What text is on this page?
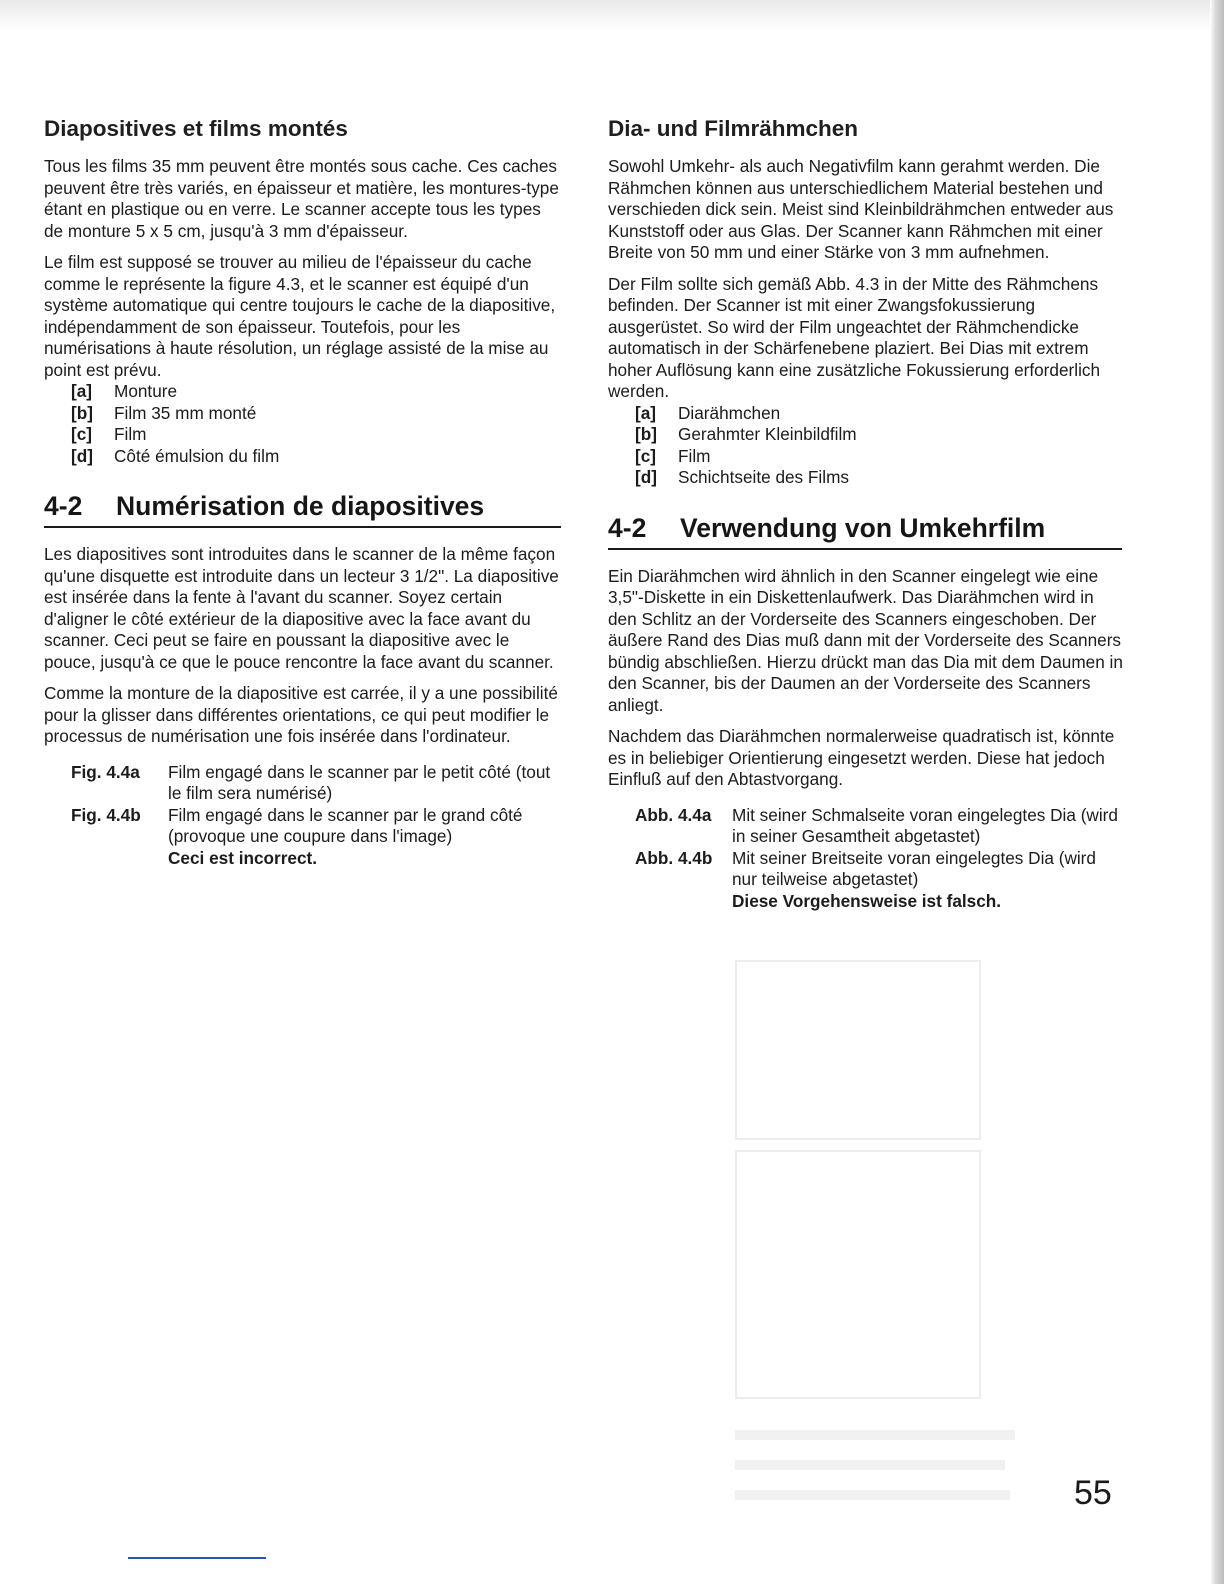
Diapositives et films montés

Tous les films 35 mm peuvent être montés sous cache. Ces caches peuvent être très variés, en épaisseur et matière, les montures-type étant en plastique ou en verre. Le scanner accepte tous les types de monture 5 x 5 cm, jusqu'à 3 mm d'épaisseur.

Le film est supposé se trouver au milieu de l'épaisseur du cache comme le représente la figure 4.3, et le scanner est équipé d'un système automatique qui centre toujours le cache de la diapositive, indépendamment de son épaisseur. Toutefois, pour les numérisations à haute résolution, un réglage assisté de la mise au point est prévu.

[a]	Monture
[b]	Film 35 mm monté
[c]	Film
[d]	Côté émulsion du film
4-2	Numérisation de diapositives

Les diapositives sont introduites dans le scanner de la même façon qu'une disquette est introduite dans un lecteur 3 1/2". La diapositive est insérée dans la fente à l'avant du scanner. Soyez certain d'aligner le côté extérieur de la diapositive avec la face avant du scanner. Ceci peut se faire en poussant la diapositive avec le pouce, jusqu'à ce que le pouce rencontre la face avant du scanner.

Comme la monture de la diapositive est carrée, il y a une possibilité pour la glisser dans différentes orientations, ce qui peut modifier le processus de numérisation une fois insérée dans l'ordinateur.

Fig. 4.4a	Film engagé dans le scanner par le petit côté (tout le film sera numérisé)
Fig. 4.4b	Film engagé dans le scanner par le grand côté (provoque une coupure dans l'image)
Ceci est incorrect.
Dia- und Filmrähmchen

Sowohl Umkehr- als auch Negativfilm kann gerahmt werden. Die Rähmchen können aus unterschiedlichem Material bestehen und verschieden dick sein. Meist sind Kleinbildrähmchen entweder aus Kunststoff oder aus Glas. Der Scanner kann Rähmchen mit einer Breite von 50 mm und einer Stärke von 3 mm aufnehmen.

Der Film sollte sich gemäß Abb. 4.3 in der Mitte des Rähmchens befinden. Der Scanner ist mit einer Zwangsfokussierung ausgerüstet. So wird der Film ungeachtet der Rähmchendicke automatisch in der Schärfenebene plaziert. Bei Dias mit extrem hoher Auflösung kann eine zusätzliche Fokussierung erforderlich werden.

[a]	Diarähmchen
[b]	Gerahmter Kleinbildfilm
[c]	Film
[d]	Schichtseite des Films
4-2	Verwendung von Umkehrfilm

Ein Diarähmchen wird ähnlich in den Scanner eingelegt wie eine 3,5"-Diskette in ein Diskettenlaufwerk. Das Diarähmchen wird in den Schlitz an der Vorderseite des Scanners eingeschoben. Der äußere Rand des Dias muß dann mit der Vorderseite des Scanners bündig abschließen. Hierzu drückt man das Dia mit dem Daumen in den Scanner, bis der Daumen an der Vorderseite des Scanners anliegt.

Nachdem das Diarähmchen normalerweise quadratisch ist, könnte es in beliebiger Orientierung eingesetzt werden. Diese hat jedoch Einfluß auf den Abtastvorgang.

Abb. 4.4a	Mit seiner Schmalseite voran eingelegtes Dia (wird in seiner Gesamtheit abgetastet)
Abb. 4.4b	Mit seiner Breitseite voran eingelegtes Dia (wird nur teilweise abgetastet)
Diese Vorgehensweise ist falsch.
55
